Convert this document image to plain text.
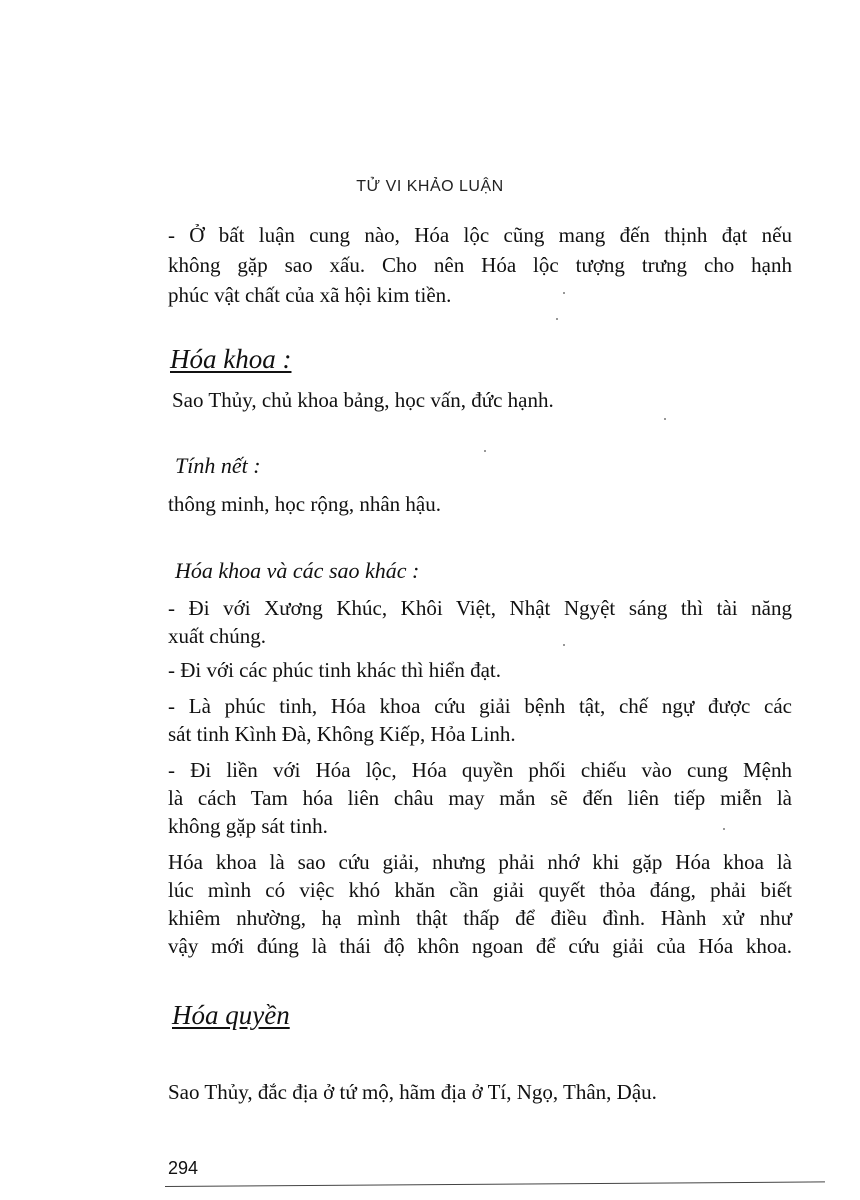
TỬ VI KHẢO LUẬN
- Ở bất luận cung nào, Hóa lộc cũng mang đến thịnh đạt nếu
không gặp sao xấu. Cho nên Hóa lộc tượng trưng cho hạnh
phúc vật chất của xã hội kim tiền.
Hóa khoa :
Sao Thủy, chủ khoa bảng, học vấn, đức hạnh.
Tính nết :
thông minh, học rộng, nhân hậu.
Hóa khoa và các sao khác :
- Đi với Xương Khúc, Khôi Việt, Nhật Ngyệt sáng thì tài năng
xuất chúng.
- Đi với các phúc tinh khác thì hiển đạt.
- Là phúc tinh, Hóa khoa cứu giải bệnh tật, chế ngự được các
sát tinh Kình Đà, Không Kiếp, Hỏa Linh.
- Đi liền với Hóa lộc, Hóa quyền phối chiếu vào cung Mệnh
là cách Tam hóa liên châu may mắn sẽ đến liên tiếp miễn là
không gặp sát tinh.
Hóa khoa là sao cứu giải, nhưng phải nhớ khi gặp Hóa khoa là
lúc mình có việc khó khăn cần giải quyết thỏa đáng, phải biết
khiêm nhường, hạ mình thật thấp để điều đình. Hành xử như
vậy mới đúng là thái độ khôn ngoan để cứu giải của Hóa khoa.
Hóa quyền
Sao Thủy, đắc địa ở tứ mộ, hãm địa ở Tí, Ngọ, Thân, Dậu.
294
